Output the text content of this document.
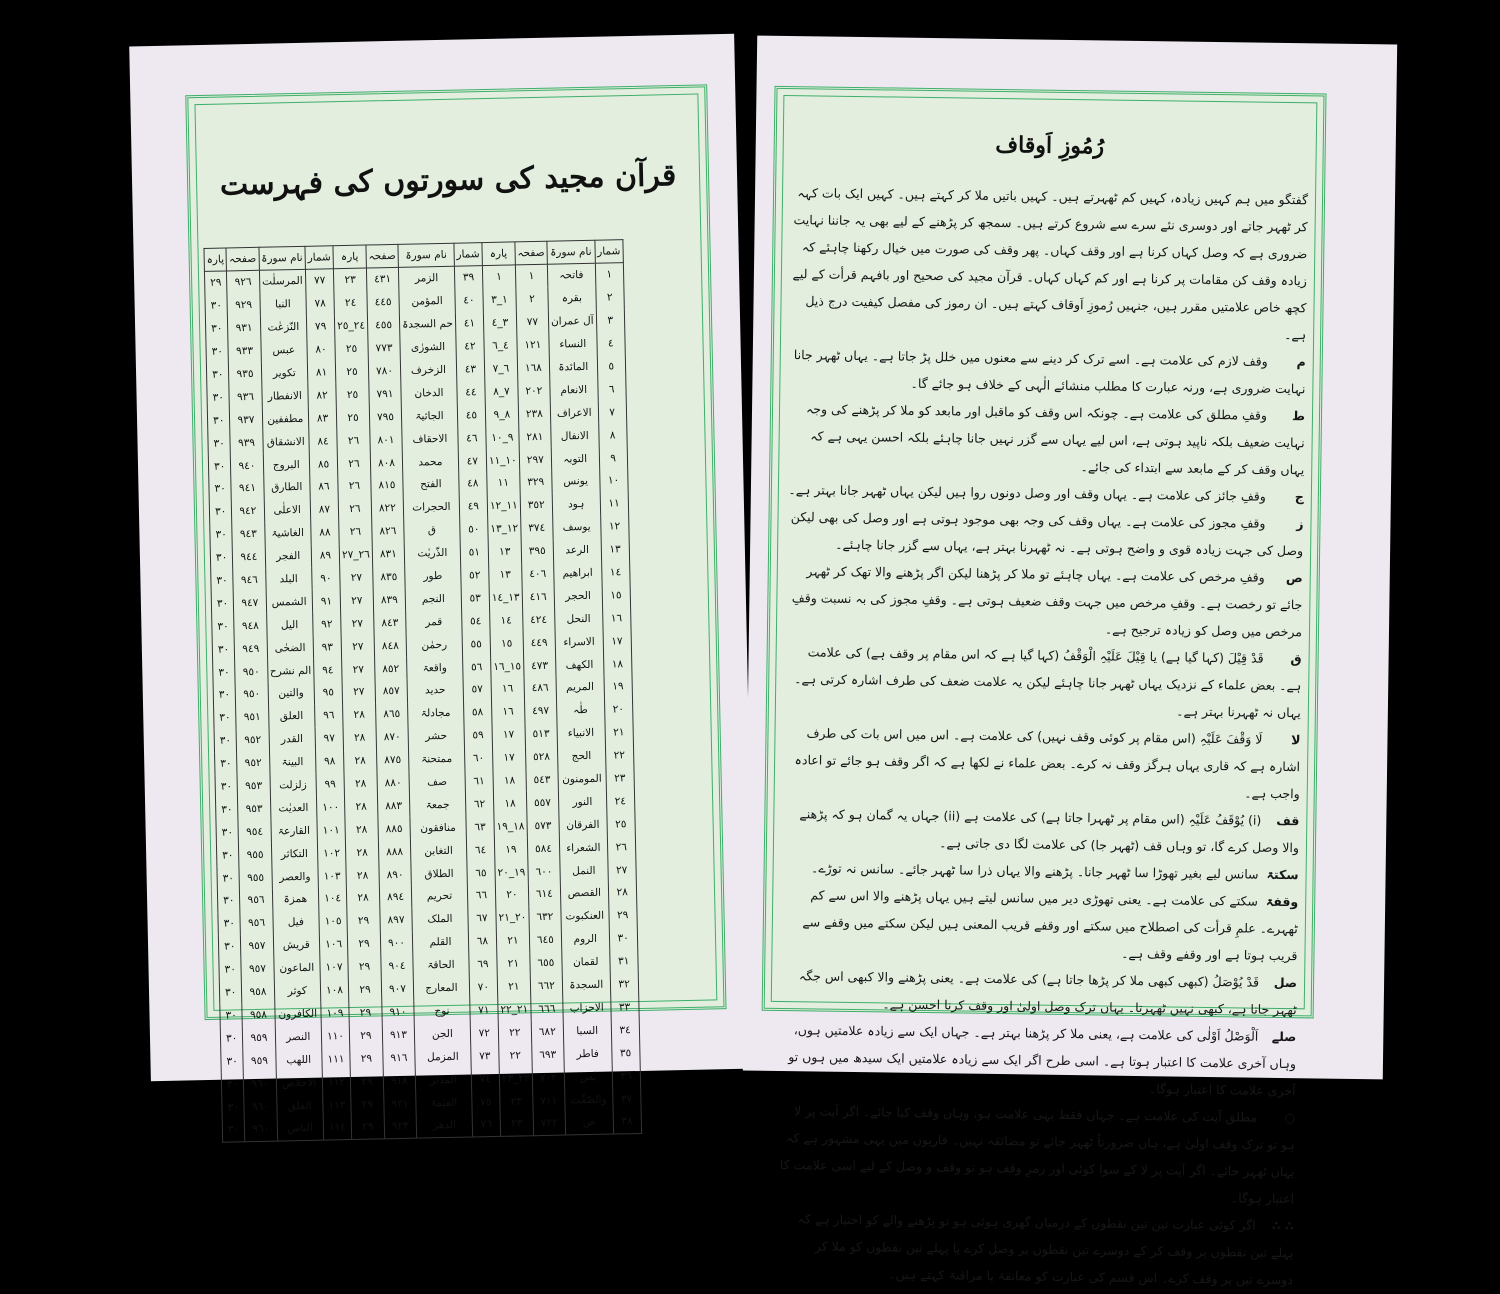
قرآن مجید کی سورتوں کی فہرست
شمار	نام سورۃ	صفحہ	پارہ	شمار	نام سورۃ	صفحہ	پارہ	شمار	نام سورۃ	صفحہ	پارہ
١	فاتحہ	١	١	٣٩	الزمر	٤٣١	٢٣	٧٧	المرسلٰت	٩٢٦	٢٩
٢	بقرہ	٢	١_٣	٤٠	المؤمن	٤٤٥	٢٤	٧٨	النبا	٩٢٩	٣٠
٣	آل عمران	٧٧	٣_٤	٤١	حم السجدۃ	٤٥٥	٢٤_٢٥	٧٩	النّزعٰت	٩٣١	٣٠
٤	النساء	١٢١	٤_٦	٤٢	الشورٰی	٧٧٣	٢٥	٨٠	عبس	٩٣٣	٣٠
٥	المائدۃ	١٦٨	٦_٧	٤٣	الزخرف	٧٨٠	٢٥	٨١	تکویر	٩٣٥	٣٠
٦	الانعام	٢٠٢	٧_٨	٤٤	الدخان	٧٩١	٢٥	٨٢	الانفطار	٩٣٦	٣٠
٧	الاعراف	٢٣٨	٨_٩	٤٥	الجاثیۃ	٧٩٥	٢٥	٨٣	مطففین	٩٣٧	٣٠
٨	الانفال	٢٨١	٩_١٠	٤٦	الاحقاف	٨٠١	٢٦	٨٤	الانشقاق	٩٣٩	٣٠
٩	التوبہ	٢٩٧	١٠_١١	٤٧	محمد	٨٠٨	٢٦	٨٥	البروج	٩٤٠	٣٠
١٠	یونس	٣٢٩	١١	٤٨	الفتح	٨١٥	٢٦	٨٦	الطارق	٩٤١	٣٠
١١	ہود	٣٥٢	١١_١٢	٤٩	الحجرات	٨٢٢	٢٦	٨٧	الاعلٰی	٩٤٢	٣٠
١٢	یوسف	٣٧٤	١٢_١٣	٥٠	ق	٨٢٦	٢٦	٨٨	الغاشیۃ	٩٤٣	٣٠
١٣	الرعد	٣٩٥	١٣	٥١	الذّریٰت	٨٣١	٢٦_٢٧	٨٩	الفجر	٩٤٤	٣٠
١٤	ابراھیم	٤٠٦	١٣	٥٢	طور	٨٣٥	٢٧	٩٠	البلد	٩٤٦	٣٠
١٥	الحجر	٤١٦	١٣_١٤	٥٣	النجم	٨٣٩	٢٧	٩١	الشمس	٩٤٧	٣٠
١٦	النحل	٤٢٤	١٤	٥٤	قمر	٨٤٣	٢٧	٩٢	الیل	٩٤٨	٣٠
١٧	الاسراء	٤٤٩	١٥	٥٥	رحمٰن	٨٤٨	٢٧	٩٣	الضحٰی	٩٤٩	٣٠
١٨	الکھف	٤٧٣	١٥_١٦	٥٦	واقعۃ	٨٥٢	٢٧	٩٤	الم نشرح	٩٥٠	٣٠
١٩	المریم	٤٨٦	١٦	٥٧	حدید	٨٥٧	٢٧	٩٥	والتین	٩٥٠	٣٠
٢٠	طٰہ	٤٩٧	١٦	٥٨	مجادلۃ	٨٦٥	٢٨	٩٦	العلق	٩٥١	٣٠
٢١	الانبیاء	٥١٣	١٧	٥٩	حشر	٨٧٠	٢٨	٩٧	القدر	٩٥٢	٣٠
٢٢	الحج	٥٢٨	١٧	٦٠	ممتحنۃ	٨٧٥	٢٨	٩٨	البینۃ	٩٥٢	٣٠
٢٣	المومنون	٥٤٣	١٨	٦١	صف	٨٨٠	٢٨	٩٩	زلزلت	٩٥٣	٣٠
٢٤	النور	٥٥٧	١٨	٦٢	جمعۃ	٨٨٣	٢٨	١٠٠	العدیٰت	٩٥٣	٣٠
٢٥	الفرقان	٥٧٣	١٨_١٩	٦٣	منافقون	٨٨٥	٢٨	١٠١	القارعۃ	٩٥٤	٣٠
٢٦	الشعراء	٥٨٤	١٩	٦٤	التغابن	٨٨٨	٢٨	١٠٢	التکاثر	٩٥٥	٣٠
٢٧	النمل	٦٠٠	١٩_٢٠	٦٥	الطلاق	٨٩٠	٢٨	١٠٣	والعصر	٩٥٥	٣٠
٢٨	القصص	٦١٤	٢٠	٦٦	تحریم	٨٩٤	٢٨	١٠٤	ھمزۃ	٩٥٦	٣٠
٢٩	العنکبوت	٦٣٢	٢٠_٢١	٦٧	الملک	٨٩٧	٢٩	١٠٥	فیل	٩٥٦	٣٠
٣٠	الروم	٦٤٥	٢١	٦٨	القلم	٩٠٠	٢٩	١٠٦	قریش	٩٥٧	٣٠
٣١	لقمان	٦٥٥	٢١	٦٩	الحاقۃ	٩٠٤	٢٩	١٠٧	الماعون	٩٥٧	٣٠
٣٢	السجدۃ	٦٦٢	٢١	٧٠	المعارج	٩٠٧	٢٩	١٠٨	کوثر	٩٥٨	٣٠
٣٣	الاحزاب	٦٦٦	٢١_٢٢	٧١	نوح	٩١٠	٢٩	١٠٩	الکافرون	٩٥٨	٣٠
٣٤	السبا	٦٨٢	٢٢	٧٢	الجن	٩١٣	٢٩	١١٠	النصر	٩٥٩	٣٠
٣٥	فاطر	٦٩٣	٢٢	٧٣	المزمل	٩١٦	٢٩	١١١	اللھب	٩٥٩	٣٠
٣٦	یٰس	٧٠٢	٢٢_٢٣	٧٤	المدثر	٩١٨	٢٩	١١٢	الاخلاص	٩٦٠	٣٠
٣٧	والصّٰفّٰت	٧١١	٢٣	٧٥	القیٰمۃ	٩٢١	٢٩	١١٣	الفلق	٩٦٠	٣٠
٣٨	ص	٧٢٢	٢٣	٧٦	الدھر	٩٢٣	٢٩	١١٤	الناس	٩٦٠	٣٠
رُمُوزِ اَوقاف

گفتگو میں ہم کہیں زیادہ، کہیں کم ٹھہرتے ہیں۔ کہیں باتیں ملا کر کہتے ہیں۔ کہیں ایک بات کہہ کر ٹھہر جاتے اور دوسری نئے سرے سے شروع کرتے ہیں۔ سمجھ کر پڑھنے کے لیے بھی یہ جاننا نہایت ضروری ہے کہ وصل کہاں کرنا ہے اور وقف کہاں۔ پھر وقف کی صورت میں خیال رکھنا چاہئے کہ زیادہ وقف کن مقامات پر کرنا ہے اور کم کہاں کہاں۔ قرآن مجید کی صحیح اور بافہم قرأت کے لیے کچھ خاص علامتیں مقرر ہیں، جنہیں رُموزِ اَوقاف کہتے ہیں۔ ان رموز کی مفصل کیفیت درج ذیل ہے۔

موقف لازم کی علامت ہے۔ اسے ترک کر دینے سے معنوں میں خلل پڑ جاتا ہے۔ یہاں ٹھہر جانا نہایت ضروری ہے، ورنہ عبارت کا مطلب منشائے الٰہی کے خلاف ہو جائے گا۔

طوقفِ مطلق کی علامت ہے۔ چونکہ اس وقف کو ماقبل اور مابعد کو ملا کر پڑھنے کی وجہ نہایت ضعیف بلکہ ناپید ہوتی ہے، اس لیے یہاں سے گزر نہیں جانا چاہئے بلکہ احسن یہی ہے کہ یہاں وقف کر کے مابعد سے ابتداء کی جائے۔

جوقفِ جائز کی علامت ہے۔ یہاں وقف اور وصل دونوں روا ہیں لیکن یہاں ٹھہر جانا بہتر ہے۔

زوقفِ مجوز کی علامت ہے۔ یہاں وقف کی وجہ بھی موجود ہوتی ہے اور وصل کی بھی لیکن وصل کی جہت زیادہ قوی و واضح ہوتی ہے۔ نہ ٹھہرنا بہتر ہے، یہاں سے گزر جانا چاہئے۔

صوقفِ مرخص کی علامت ہے۔ یہاں چاہئے تو ملا کر پڑھنا لیکن اگر پڑھنے والا تھک کر ٹھہر جائے تو رخصت ہے۔ وقفِ مرخص میں جہت وقف ضعیف ہوتی ہے۔ وقفِ مجوز کی بہ نسبت وقفِ مرخص میں وصل کو زیادہ ترجیح ہے۔

ققَدْ قِیْلَ (کہا گیا ہے) یا قِیْلَ عَلَیْہِ الْوَقْفُ (کہا گیا ہے کہ اس مقام پر وقف ہے) کی علامت ہے۔ بعض علماء کے نزدیک یہاں ٹھہر جانا چاہئے لیکن یہ علامت ضعف کی طرف اشارہ کرتی ہے۔ یہاں نہ ٹھہرنا بہتر ہے۔

لالَا وَقْفَ عَلَیْہِ (اس مقام پر کوئی وقف نہیں) کی علامت ہے۔ اس میں اس بات کی طرف اشارہ ہے کہ قاری یہاں ہرگز وقف نہ کرے۔ بعض علماء نے لکھا ہے کہ اگر وقف ہو جائے تو اعادہ واجب ہے۔

قف(i) یُوْقَفُ عَلَیْہِ (اس مقام پر ٹھہرا جاتا ہے) کی علامت ہے (ii) جہاں یہ گمان ہو کہ پڑھنے والا وصل کرے گا، تو وہاں قف (ٹھہر جا) کی علامت لگا دی جاتی ہے۔

سکتۃسانس لیے بغیر تھوڑا سا ٹھہر جانا۔ پڑھنے والا یہاں ذرا سا ٹھہر جائے۔ سانس نہ توڑے۔

وقفۃسکتے کی علامت ہے۔ یعنی تھوڑی دیر میں سانس لیتے ہیں یہاں پڑھنے والا اس سے کم ٹھہرے۔ علمِ قرأت کی اصطلاح میں سکتے اور وقفے قریب المعنی ہیں لیکن سکتے میں وقفے سے قریب ہوتا ہے اور وقفے وقف ہے۔

صلقَدْ یُوْصَلُ (کبھی کبھی ملا کر پڑھا جاتا ہے) کی علامت ہے۔ یعنی پڑھنے والا کبھی اس جگہ ٹھہر جاتا ہے، کبھی نہیں ٹھہرتا۔ یہاں ترک وصل اولیٰ اور وقف کرنا احسن ہے۔

صلےاَلْوَصْلُ اَوْلٰی کی علامت ہے، یعنی ملا کر پڑھنا بہتر ہے۔ جہاں ایک سے زیادہ علامتیں ہوں، وہاں آخری علامت کا اعتبار ہوتا ہے۔ اسی طرح اگر ایک سے زیادہ علامتیں ایک سیدھ میں ہوں تو آخری علامت کا اعتبار ہوگا۔

○مطلق آیت کی علامت ہے۔ جہاں فقط یہی علامت ہو، وہاں وقف کیا جائے۔ اگر آیت پر لا ہو تو ترک وقف اولیٰ ہے، ہاں ضرورتاً ٹھہر جائے تو مضائقہ نہیں۔ قاریوں میں یہی مشہور ہے کہ یہاں ٹھہر جائے۔ اگر آیت پر لا کے سوا کوئی اور رمزِ وقف ہو تو وقف و وصل کے لیے اسی علامت کا اعتبار ہوگا۔

∴ ∴اگر کوئی عبارت تین تین نقطوں کے درمیان گھری ہوئی ہو تو پڑھنے والے کو اختیار ہے کہ پہلے تین نقطوں پر وقف کر کے دوسرے تین نقطوں پر وصل کرے یا پہلے تین نقطوں کو ملا کر دوسرے تین پر وقف کرے۔ اس قسم کی عبارت کو معانقۃ یا مراقبۃ کہتے ہیں۔
